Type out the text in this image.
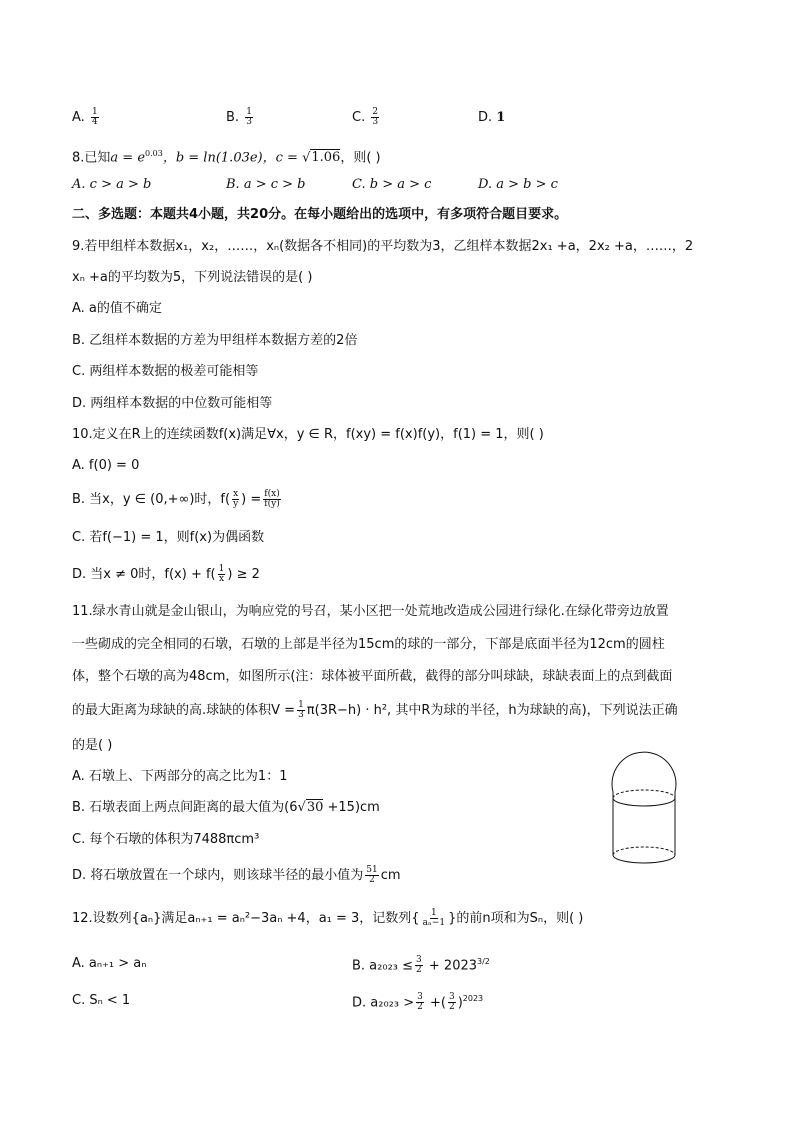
A. $\frac{1}{4}$	B. $\frac{1}{3}$	C. $\frac{2}{3}$	D. 1
8.已知$a = e^{0.03}$，b = ln(1.03e)，c = √1.06，则( )
A. c > a > b	B. a > c > b	C. b > a > c	D. a > b > c
二、多选题：本题共4小题，共20分。在每小题给出的选项中，有多项符合题目要求。
9.若甲组样本数据x₁，x₂，……，xₙ(数据各不相同)的平均数为3，乙组样本数据2x₁ +a，2x₂ +a，……，2
xₙ +a的平均数为5，下列说法错误的是( )
A. a的值不确定
B. 乙组样本数据的方差为甲组样本数据方差的2倍
C. 两组样本数据的极差可能相等
D. 两组样本数据的中位数可能相等
10.定义在R上的连续函数f(x)满足∀x，y ∈ R，f(xy) = f(x)f(y)，f(1) = 1，则( )
A. f(0) = 0
B. 当x，y ∈ (0,+∞)时，$f( \frac{x}{y}$ ) = $\frac{f(x)}{f(y)}$
C. 若f(−1) = 1，则f(x)为偶函数
D. 当x ≠ 0时，$f(x) + f( \frac{1}{x}$ ) ≥ 2
11.绿水青山就是金山银山，为响应党的号召，某小区把一处荒地改造成公园进行绿化.在绿化带旁边放置
一些砌成的完全相同的石墩，石墩的上部是半径为15cm的球的一部分，下部是底面半径为12cm的圆柱
体，整个石墩的高为48cm，如图所示(注：球体被平面所截，截得的部分叫球缺，球缺表面上的点到截面
的最大距离为球缺的高.球缺的体积$V = \frac{1}{3} \pi(3R-h) \cdot h^2$, 其中R为球的半径，h为球缺的高)，下列说法正确
的是( )
A. 石墩上、下两部分的高之比为1：1
B. 石墩表面上两点间距离的最大值为(6√30 +15)cm
C. 每个石墩的体积为7488πcm³
D. 将石墩放置在一个球内，则该球半径的最小值为 $\frac{51}{2}$ cm
12.设数列{aₙ}满足aₙ₊₁ = aₙ²−3aₙ +4，a₁ = 3，记数列{ $\frac{1}{\text{aₙ−1}}$ }的前n项和为Sₙ，则( )
A. aₙ₊₁ > aₙ	B. $a_{2023} \le \frac{3}{2} + 2023^{3/2}$
C. Sₙ < 1	D. $a_{2023} > \frac{3}{2}$ +( $\frac{3}{2} )^{2023}$
